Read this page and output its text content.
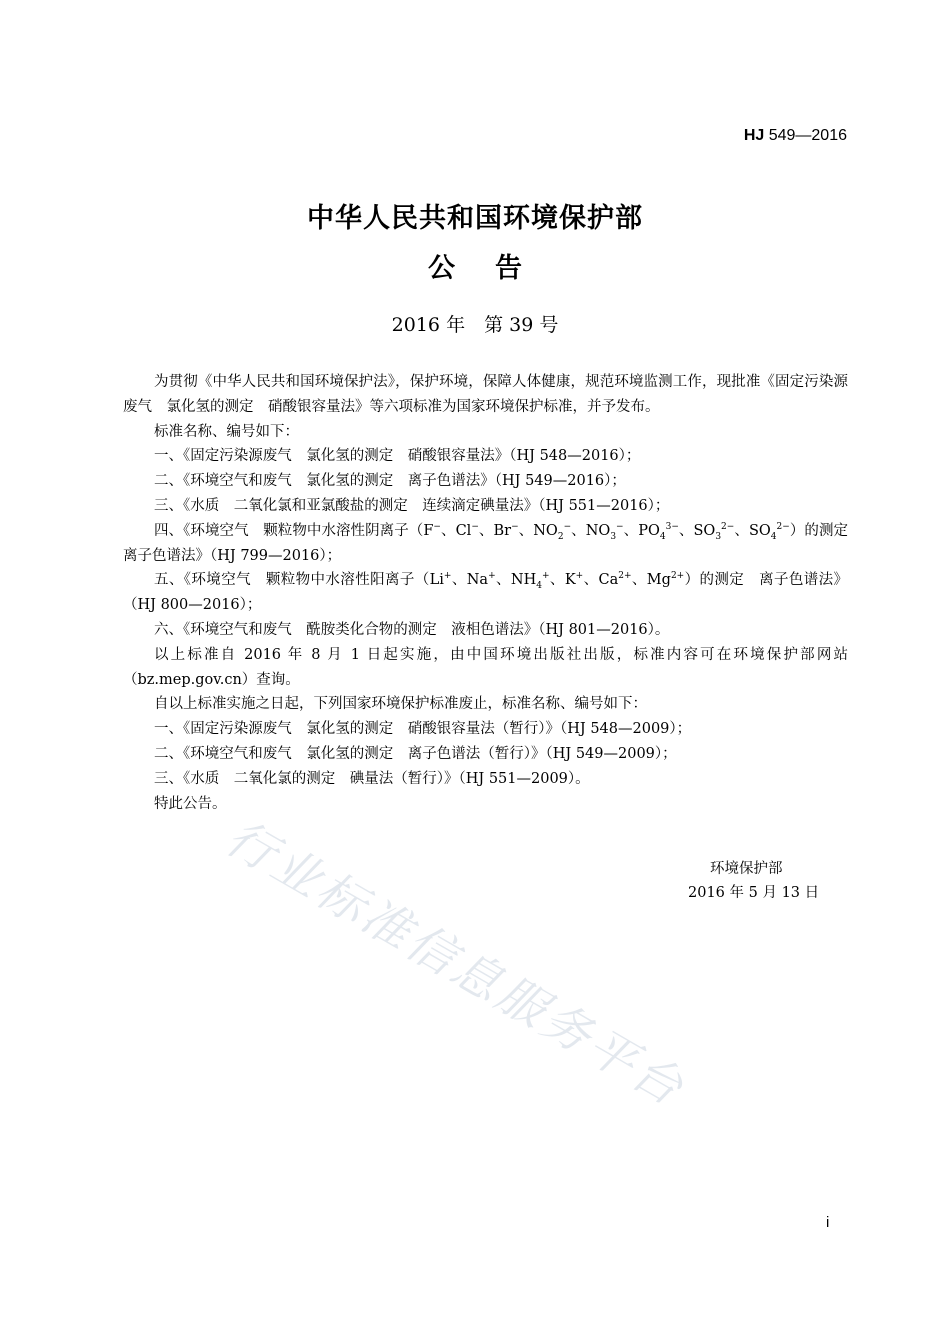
HJ 549—2016
中华人民共和国环境保护部
公告
2016 年　第 39 号
行业标准信息服务平台

为贯彻《中华人民共和国环境保护法》，保护环境，保障人体健康，规范环境监测工作，现批准《固定污染源废气　氯化氢的测定　硝酸银容量法》等六项标准为国家环境保护标准，并予发布。

标准名称、编号如下：

一、《固定污染源废气　氯化氢的测定　硝酸银容量法》（HJ 548—2016）；

二、《环境空气和废气　氯化氢的测定　离子色谱法》（HJ 549—2016）；

三、《水质　二氧化氯和亚氯酸盐的测定　连续滴定碘量法》（HJ 551—2016）；

四、《环境空气　颗粒物中水溶性阴离子（F−、Cl−、Br−、$NO_2^-$、$NO_3^-$、$PO_4^{3-}$、$SO_3^{2-}$、$SO_4^{2-}$）的测定　离子色谱法》（HJ 799—2016）；

五、《环境空气　颗粒物中水溶性阳离子（Li+、Na+、$NH_4^+$、K+、$Ca^{2+}$、$Mg^{2+}$）的测定　离子色谱法》（HJ 800—2016）；

六、《环境空气和废气　酰胺类化合物的测定　液相色谱法》（HJ 801—2016）。

以上标准自 2016 年 8 月 1 日起实施，由中国环境出版社出版，标准内容可在环境保护部网站（bz.mep.gov.cn）查询。

自以上标准实施之日起，下列国家环境保护标准废止，标准名称、编号如下：

一、《固定污染源废气　氯化氢的测定　硝酸银容量法（暂行）》（HJ 548—2009）；

二、《环境空气和废气　氯化氢的测定　离子色谱法（暂行）》（HJ 549—2009）；

三、《水质　二氧化氯的测定　碘量法（暂行）》（HJ 551—2009）。

特此公告。

环境保护部
2016 年 5 月 13 日
i
